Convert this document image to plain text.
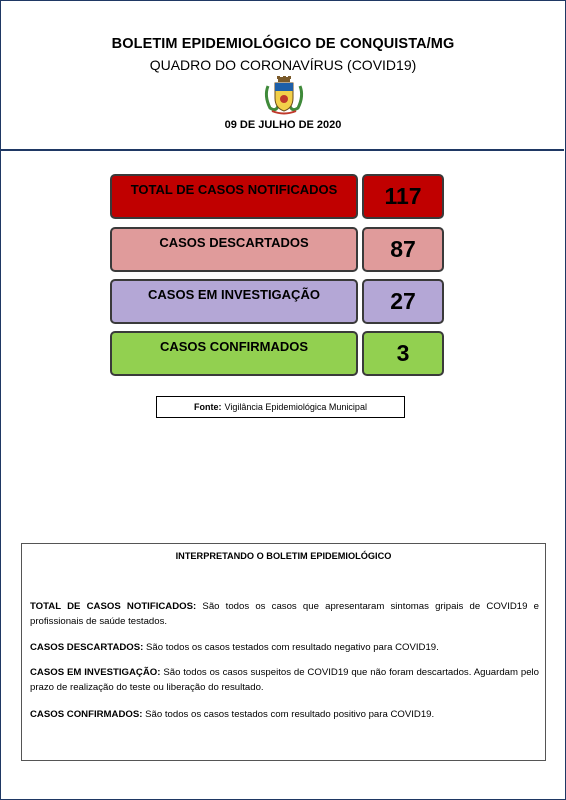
BOLETIM EPIDEMIOLÓGICO DE CONQUISTA/MG
QUADRO DO CORONAVÍRUS (COVID19)
09 DE JULHO DE 2020
TOTAL DE CASOS NOTIFICADOS	117
CASOS DESCARTADOS	87
CASOS EM INVESTIGAÇÃO	27
CASOS CONFIRMADOS	3
Fonte: Vigilância Epidemiológica Municipal
INTERPRETANDO O BOLETIM EPIDEMIOLÓGICO
TOTAL DE CASOS NOTIFICADOS: São todos os casos que apresentaram sintomas gripais de COVID19 e profissionais de saúde testados.
CASOS DESCARTADOS: São todos os casos testados com resultado negativo para COVID19.
CASOS EM INVESTIGAÇÃO: São todos os casos suspeitos de COVID19 que não foram descartados. Aguardam pelo prazo de realização do teste ou liberação do resultado.
CASOS CONFIRMADOS: São todos os casos testados com resultado positivo para COVID19.
